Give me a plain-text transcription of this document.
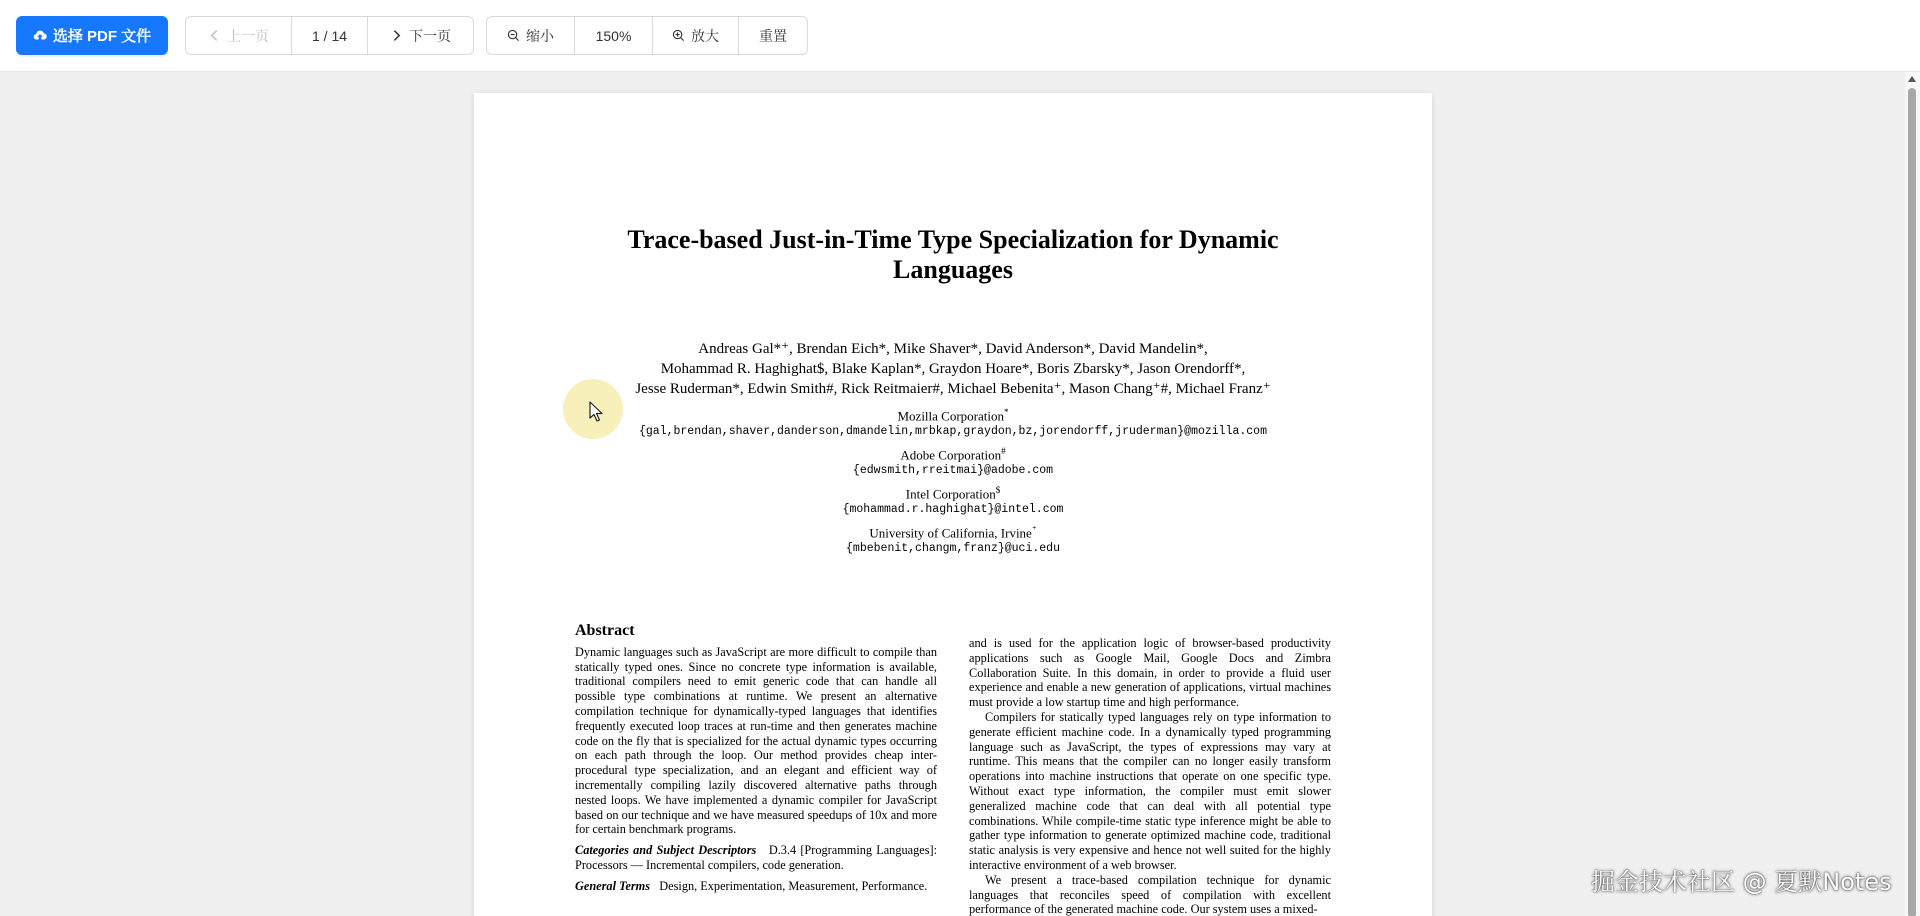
选择 PDF 文件	上一页	1 / 14	下一页	缩小	150%	放大	重置
Trace-based Just-in-Time Type Specialization for Dynamic
Languages
Andreas Gal*⁺, Brendan Eich*, Mike Shaver*, David Anderson*, David Mandelin*,
Mohammad R. Haghighat$, Blake Kaplan*, Graydon Hoare*, Boris Zbarsky*, Jason Orendorff*,
Jesse Ruderman*, Edwin Smith#, Rick Reitmaier#, Michael Bebenita⁺, Mason Chang⁺#, Michael Franz⁺
Mozilla Corporation*
{gal,brendan,shaver,danderson,dmandelin,mrbkap,graydon,bz,jorendorff,jruderman}@mozilla.com
Adobe Corporation#
{edwsmith,rreitmai}@adobe.com
Intel Corporation$
{mohammad.r.haghighat}@intel.com
University of California, Irvine⁺
{mbebenit,changm,franz}@uci.edu
Abstract

Dynamic languages such as JavaScript are more difficult to compile than statically typed ones. Since no concrete type information is available, traditional compilers need to emit generic code that can handle all possible type combinations at runtime. We present an alternative compilation technique for dynamically-typed languages that identifies frequently executed loop traces at run-time and then generates machine code on the fly that is specialized for the actual dynamic types occurring on each path through the loop. Our method provides cheap inter-procedural type specialization, and an elegant and efficient way of incrementally compiling lazily discovered alternative paths through nested loops. We have implemented a dynamic compiler for JavaScript based on our technique and we have measured speedups of 10x and more for certain benchmark programs.

Categories and Subject Descriptors D.3.4 [Programming Languages]: Processors — Incremental compilers, code generation.

General Terms Design, Experimentation, Measurement, Performance.

and is used for the application logic of browser-based productivity applications such as Google Mail, Google Docs and Zimbra Collaboration Suite. In this domain, in order to provide a fluid user experience and enable a new generation of applications, virtual machines must provide a low startup time and high performance.

Compilers for statically typed languages rely on type information to generate efficient machine code. In a dynamically typed programming language such as JavaScript, the types of expressions may vary at runtime. This means that the compiler can no longer easily transform operations into machine instructions that operate on one specific type. Without exact type information, the compiler must emit slower generalized machine code that can deal with all potential type combinations. While compile-time static type inference might be able to gather type information to generate optimized machine code, traditional static analysis is very expensive and hence not well suited for the highly interactive environment of a web browser.

We present a trace-based compilation technique for dynamic languages that reconciles speed of compilation with excellent performance of the generated machine code. Our system uses a mixed-

掘金技术社区 @ 夏默Notes
